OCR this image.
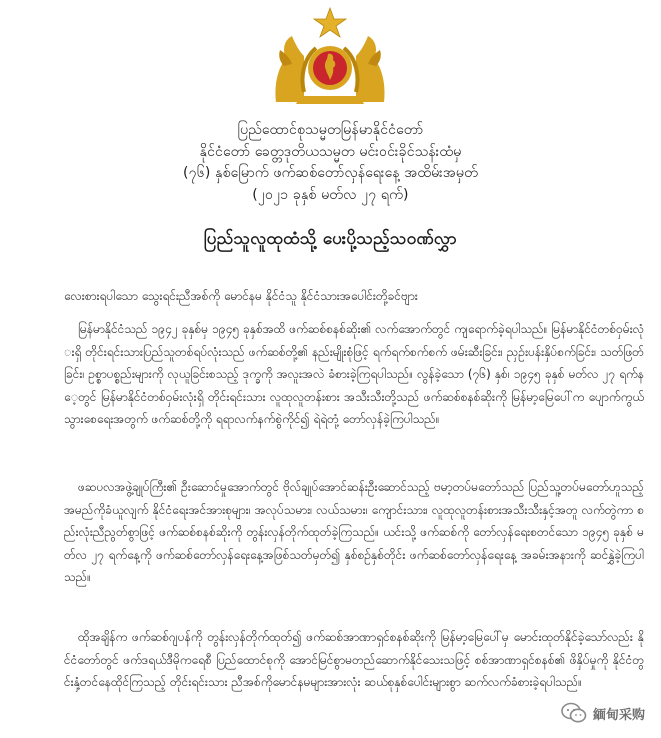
ပြည်ထောင်စုသမ္မတမြန်မာနိုင်ငံတော်
နိုင်ငံတော် ခေတ္တဒုတိယသမ္မတ မင်းဝင်းခိုင်သန်းထံမှ
(၇၆) နှစ်မြောက် ဖက်ဆစ်တော်လှန်ရေးနေ့ အထိမ်းအမှတ်
(၂၀၂၁ ခုနှစ် မတ်လ ၂၇ ရက်)
ပြည်သူလူထုထံသို့ ပေးပို့သည့်သဝဏ်လွှာ
လေးစားရပါသော သွေးရင်းညီအစ်ကို မောင်နမ နိုင်ငံသူ နိုင်ငံသားအပေါင်းတို့ခင်ဗျား
မြန်မာနိုင်ငံသည် ၁၉၄၂ ခုနှစ်မှ ၁၉၄၅ ခုနှစ်အထိ ဖက်ဆစ်စနစ်ဆိုး၏ လက်အောက်တွင် ကျရောက်ခဲ့ရပါသည်။ မြန်မာနိုင်ငံတစ်ဝှမ်းလုံးရှိ တိုင်းရင်းသားပြည်သူတစ်ရပ်လုံးသည် ဖက်ဆစ်တို့၏ နည်းမျိုးစုံဖြင့် ရက်ရက်စက်စက် ဖမ်းဆီးခြင်း၊ ညှဉ်းပန်းနှိပ်စက်ခြင်း၊ သတ်ဖြတ်ခြင်း၊ ဥစ္စာပစ္စည်းများကို လုယူခြင်းစသည့် ဒုက္ခကို အလူးအလဲ ခံစားခဲ့ကြရပါသည်။ လွန်ခဲ့သော (၇၆) နှစ်၊ ၁၉၄၅ ခုနှစ် မတ်လ ၂၇ ရက်နေ့တွင် မြန်မာနိုင်ငံတစ်ဝှမ်းလုံးရှိ တိုင်းရင်းသား လူထုလူတန်းစား အသီးသီးတို့သည် ဖက်ဆစ်စနစ်ဆိုးကို မြန်မာ့မြေပေါ်က ပျောက်ကွယ်သွားစေရေးအတွက် ဖက်ဆစ်တို့ကို ရရာလက်နက်စွဲကိုင်၍ ရဲရဲတုံ့ တော်လှန်ခဲ့ကြပါသည်။
ဖဆပလအဖွဲ့ချုပ်ကြီး၏ ဦးဆောင်မှုအောက်တွင် ဗိုလ်ချုပ်အောင်ဆန်းဦးဆောင်သည့် ဗမာ့တပ်မတော်သည် ပြည်သူ့တပ်မတော်ဟူသည့် အမည်ကိုခံယူလျက် နိုင်ငံရေးအင်အားစုများ၊ အလုပ်သမား၊ လယ်သမား၊ ကျောင်းသား၊ လူထုလူတန်းစားအသီးသီးနှင့်အတူ လက်တွဲကာ စည်းလုံးညီညွတ်စွာဖြင့် ဖက်ဆစ်စနစ်ဆိုးကို တွန်းလှန်တိုက်ထုတ်ခဲ့ကြသည်။ ယင်းသို့ ဖက်ဆစ်ကို တော်လှန်ရေးစတင်သော ၁၉၄၅ ခုနှစ် မတ်လ ၂၇ ရက်နေ့ကို ဖက်ဆစ်တော်လှန်ရေးနေ့အဖြစ်သတ်မှတ်၍ နှစ်စဉ်နှစ်တိုင်း ဖက်ဆစ်တော်လှန်ရေးနေ့ အခမ်းအနားကို ဆင်နွှဲခဲ့ကြပါသည်။
ထိုအချိန်က ဖက်ဆစ်ဂျပန်ကို တွန်းလှန်တိုက်ထုတ်၍ ဖက်ဆစ်အာဏာရှင်စနစ်ဆိုးကို မြန်မာ့မြေပေါ်မှ မောင်းထုတ်နိုင်ခဲ့သော်လည်း နိုင်ငံတော်တွင် ဖက်ဒရယ်ဒီမိုကရေစီ ပြည်ထောင်စုကို အောင်မြင်စွာမတည်ဆောက်နိုင်သေးသဖြင့် စစ်အာဏာရှင်စနစ်၏ ဖိနှိပ်မှုကို နိုင်ငံတွင်းနှံ့တင်နေထိုင်ကြသည့် တိုင်းရင်းသား ညီအစ်ကိုမောင်နမများအားလုံး ဆယ်စုနှစ်ပေါင်းများစွာ ဆက်လက်ခံစားခဲ့ရပါသည်။
緬甸采购
